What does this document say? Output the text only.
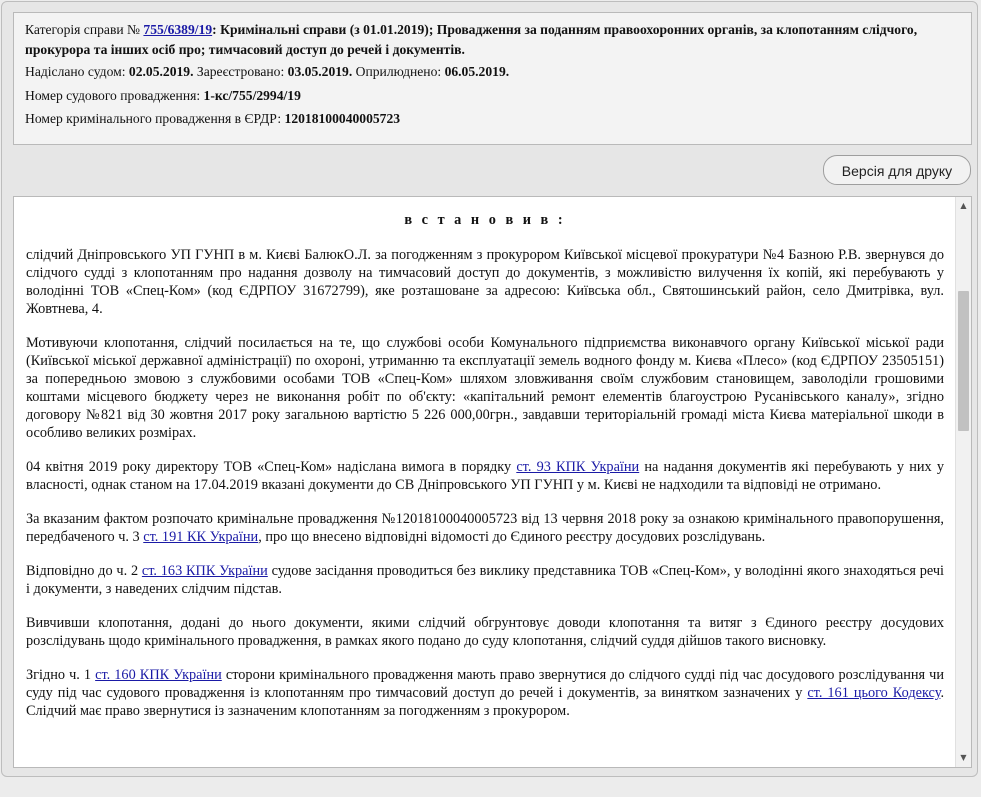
Категорія справи № 755/6389/19: Кримінальні справи (з 01.01.2019); Провадження за поданням правоохоронних органів, за клопотанням слідчого, прокурора та інших осіб про; тимчасовий доступ до речей і документів.
Надіслано судом: 02.05.2019. Зареєстровано: 03.05.2019. Оприлюднено: 06.05.2019.
Номер судового провадження: 1-кс/755/2994/19
Номер кримінального провадження в ЄРДР: 12018100040005723
Версія для друку

в с т а н о в и в :

слідчий Дніпровського УП ГУНП в м. Києві БалюкО.Л. за погодженням з прокурором Київської місцевої прокуратури №4 Базною Р.В. звернувся до слідчого судді з клопотанням про надання дозволу на тимчасовий доступ до документів, з можливістю вилучення їх копій, які перебувають у володінні ТОВ «Спец-Ком» (код ЄДРПОУ 31672799), яке розташоване за адресою: Київська обл., Святошинський район, село Дмитрівка, вул. Жовтнева, 4.

Мотивуючи клопотання, слідчий посилається на те, що службові особи Комунального підприємства виконавчого органу Київської міської ради (Київської міської державної адміністрації) по охороні, утриманню та експлуатації земель водного фонду м. Києва «Плесо» (код ЄДРПОУ 23505151) за попередньою змовою з службовими особами ТОВ «Спец-Ком» шляхом зловживання своїм службовим становищем, заволоділи грошовими коштами місцевого бюджету через не виконання робіт по об'єкту: «капітальний ремонт елементів благоустрою Русанівського каналу», згідно договору №821 від 30 жовтня 2017 року загальною вартістю 5 226 000,00грн., завдавши територіальній громаді міста Києва матеріальної шкоди в особливо великих розмірах.

04 квітня 2019 року директору ТОВ «Спец-Ком» надіслана вимога в порядку ст. 93 КПК України на надання документів які перебувають у них у власності, однак станом на 17.04.2019 вказані документи до СВ Дніпровського УП ГУНП у м. Києві не надходили та відповіді не отримано.

За вказаним фактом розпочато кримінальне провадження №12018100040005723 від 13 червня 2018 року за ознакою кримінального правопорушення, передбаченого ч. 3 ст. 191 КК України, про що внесено відповідні відомості до Єдиного реєстру досудових розслідувань.

Відповідно до ч. 2 ст. 163 КПК України судове засідання проводиться без виклику представника ТОВ «Спец-Ком», у володінні якого знаходяться речі і документи, з наведених слідчим підстав.

Вивчивши клопотання, додані до нього документи, якими слідчий обгрунтовує доводи клопотання та витяг з Єдиного реєстру досудових розслідувань щодо кримінального провадження, в рамках якого подано до суду клопотання, слідчий суддя дійшов такого висновку.

Згідно ч. 1 ст. 160 КПК України сторони кримінального провадження мають право звернутися до слідчого судді під час досудового розслідування чи суду під час судового провадження із клопотанням про тимчасовий доступ до речей і документів, за винятком зазначених у ст. 161 цього Кодексу. Слідчий має право звернутися із зазначеним клопотанням за погодженням з прокурором.

▲
▼
